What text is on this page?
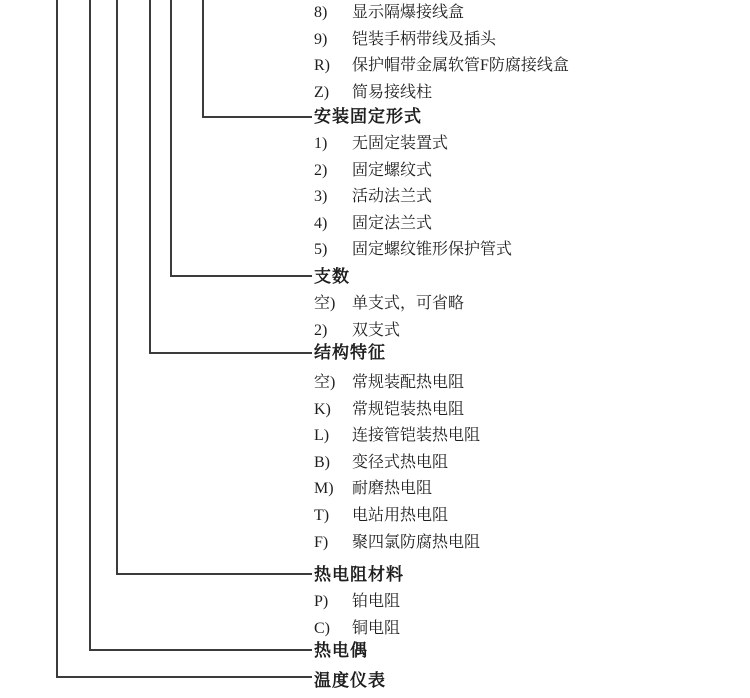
8)	显示隔爆接线盒
9)	铠装手柄带线及插头
R)	保护帽带金属软管F防腐接线盒
Z)	简易接线柱
安装固定形式
1)	无固定装置式
2)	固定螺纹式
3)	活动法兰式
4)	固定法兰式
5)	固定螺纹锥形保护管式
支数
空)	单支式，可省略
2)	双支式
结构特征
空)	常规装配热电阻
K)	常规铠装热电阻
L)	连接管铠装热电阻
B)	变径式热电阻
M)	耐磨热电阻
T)	电站用热电阻
F)	聚四氯防腐热电阻
热电阻材料
P)	铂电阻
C)	铜电阻
热电偶
温度仪表
